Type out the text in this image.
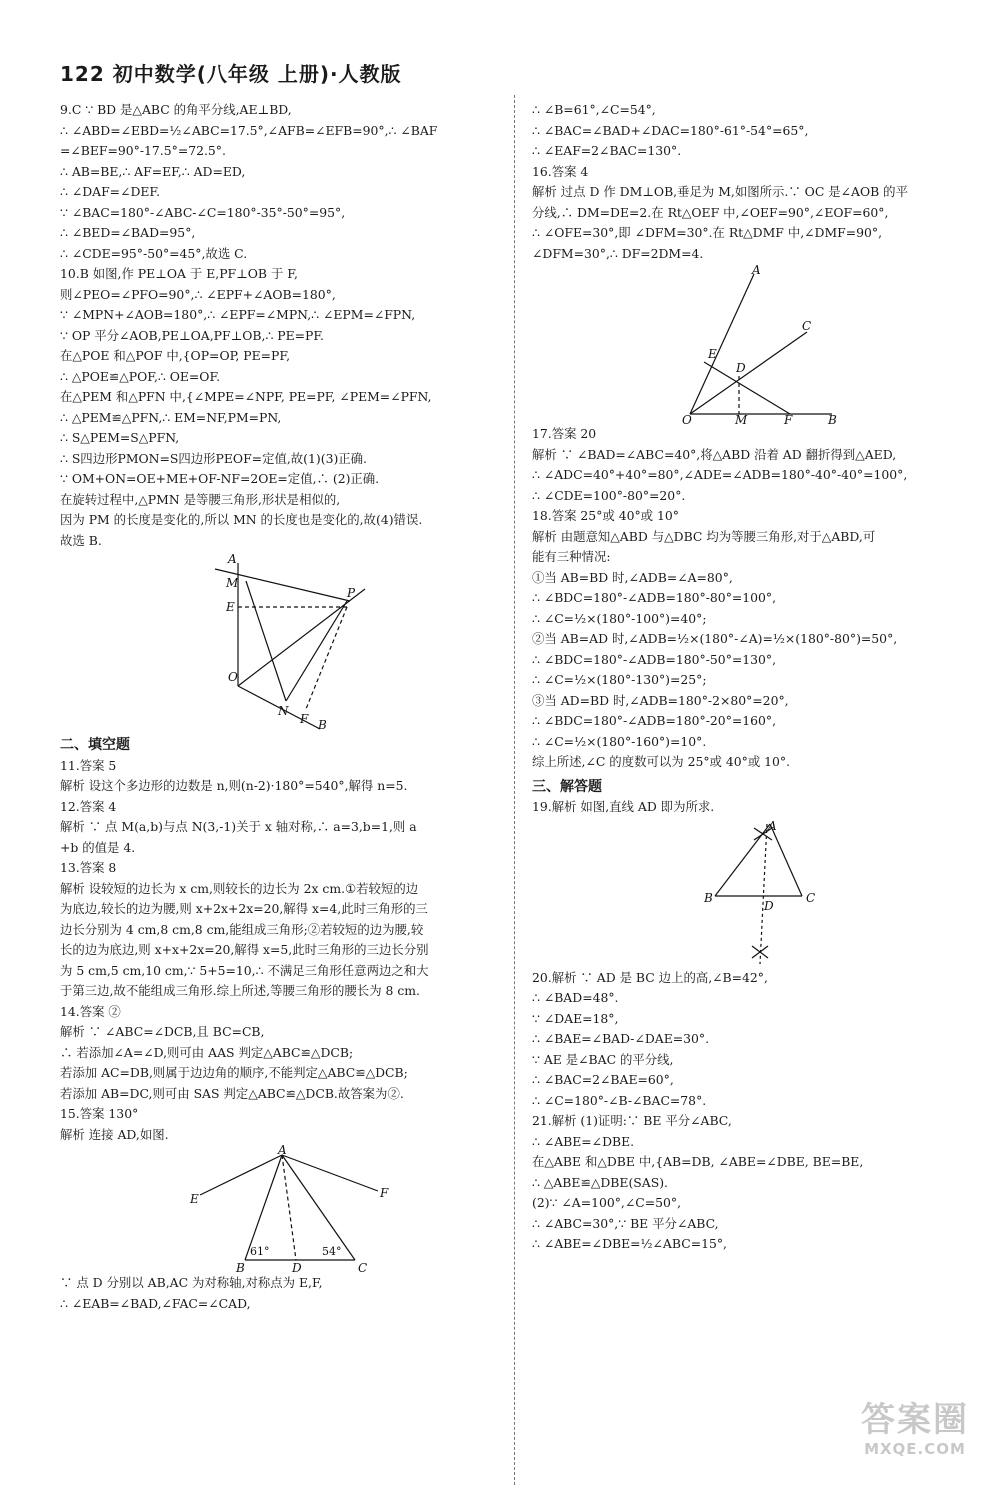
122 初中数学(八年级 上册)·人教版
9.C ∵ BD 是△ABC 的角平分线,AE⊥BD,
∴ ∠ABD=∠EBD=½∠ABC=17.5°,∠AFB=∠EFB=90°,∴ ∠BAF
=∠BEF=90°-17.5°=72.5°.
∴ AB=BE,∴ AF=EF,∴ AD=ED,
∴ ∠DAF=∠DEF.
∵ ∠BAC=180°-∠ABC-∠C=180°-35°-50°=95°,
∴ ∠BED=∠BAD=95°,
∴ ∠CDE=95°-50°=45°,故选 C.
10.B 如图,作 PE⊥OA 于 E,PF⊥OB 于 F,
则∠PEO=∠PFO=90°,∴ ∠EPF+∠AOB=180°,
∵ ∠MPN+∠AOB=180°,∴ ∠EPF=∠MPN,∴ ∠EPM=∠FPN,
∵ OP 平分∠AOB,PE⊥OA,PF⊥OB,∴ PE=PF.
在△POE 和△POF 中,{OP=OP, PE=PF,
∴ △POE≌△POF,∴ OE=OF.
在△PEM 和△PFN 中,{∠MPE=∠NPF, PE=PF, ∠PEM=∠PFN,
∴ △PEM≌△PFN,∴ EM=NF,PM=PN,
∴ S△PEM=S△PFN,
∴ S四边形PMON=S四边形PEOF=定值,故(1)(3)正确.
∵ OM+ON=OE+ME+OF-NF=2OE=定值,∴ (2)正确.
在旋转过程中,△PMN 是等腰三角形,形状是相似的,
因为 PM 的长度是变化的,所以 MN 的长度也是变化的,故(4)错误.
故选 B.
A
M
E
P
O
N
F B
二、填空题
11.答案 5
解析 设这个多边形的边数是 n,则(n-2)·180°=540°,解得 n=5.
12.答案 4
解析 ∵ 点 M(a,b)与点 N(3,-1)关于 x 轴对称,∴ a=3,b=1,则 a
+b 的值是 4.
13.答案 8
解析 设较短的边长为 x cm,则较长的边长为 2x cm.①若较短的边
为底边,较长的边为腰,则 x+2x+2x=20,解得 x=4,此时三角形的三
边长分别为 4 cm,8 cm,8 cm,能组成三角形;②若较短的边为腰,较
长的边为底边,则 x+x+2x=20,解得 x=5,此时三角形的三边长分别
为 5 cm,5 cm,10 cm,∵ 5+5=10,∴ 不满足三角形任意两边之和大
于第三边,故不能组成三角形.综上所述,等腰三角形的腰长为 8 cm.
14.答案 ②
解析 ∵ ∠ABC=∠DCB,且 BC=CB,
∴ 若添加∠A=∠D,则可由 AAS 判定△ABC≌△DCB;
若添加 AC=DB,则属于边边角的顺序,不能判定△ABC≌△DCB;
若添加 AB=DC,则可由 SAS 判定△ABC≌△DCB.故答案为②.
15.答案 130°
解析 连接 AD,如图.
A
E	F
B	D	C
61°	54°
∵ 点 D 分别以 AB,AC 为对称轴,对称点为 E,F,
∴ ∠EAB=∠BAD,∠FAC=∠CAD,
∴ ∠B=61°,∠C=54°,
∴ ∠BAC=∠BAD+∠DAC=180°-61°-54°=65°,
∴ ∠EAF=2∠BAC=130°.
16.答案 4
解析 过点 D 作 DM⊥OB,垂足为 M,如图所示.∵ OC 是∠AOB 的平
分线,∴ DM=DE=2.在 Rt△OEF 中,∠OEF=90°,∠EOF=60°,
∴ ∠OFE=30°,即 ∠DFM=30°.在 Rt△DMF 中,∠DMF=90°,
∠DFM=30°,∴ DF=2DM=4.
A
C
E
D
O	M	F	B
17.答案 20
解析 ∵ ∠BAD=∠ABC=40°,将△ABD 沿着 AD 翻折得到△AED,
∴ ∠ADC=40°+40°=80°,∠ADE=∠ADB=180°-40°-40°=100°,
∴ ∠CDE=100°-80°=20°.
18.答案 25°或 40°或 10°
解析 由题意知△ABD 与△DBC 均为等腰三角形,对于△ABD,可
能有三种情况:
①当 AB=BD 时,∠ADB=∠A=80°,
∴ ∠BDC=180°-∠ADB=180°-80°=100°,
∴ ∠C=½×(180°-100°)=40°;
②当 AB=AD 时,∠ADB=½×(180°-∠A)=½×(180°-80°)=50°,
∴ ∠BDC=180°-∠ADB=180°-50°=130°,
∴ ∠C=½×(180°-130°)=25°;
③当 AD=BD 时,∠ADB=180°-2×80°=20°,
∴ ∠BDC=180°-∠ADB=180°-20°=160°,
∴ ∠C=½×(180°-160°)=10°.
综上所述,∠C 的度数可以为 25°或 40°或 10°.
三、解答题
19.解析 如图,直线 AD 即为所求.
A
B
D
C
20.解析 ∵ AD 是 BC 边上的高,∠B=42°,
∴ ∠BAD=48°.
∵ ∠DAE=18°,
∴ ∠BAE=∠BAD-∠DAE=30°.
∵ AE 是∠BAC 的平分线,
∴ ∠BAC=2∠BAE=60°,
∴ ∠C=180°-∠B-∠BAC=78°.
21.解析 (1)证明:∵ BE 平分∠ABC,
∴ ∠ABE=∠DBE.
在△ABE 和△DBE 中,{AB=DB, ∠ABE=∠DBE, BE=BE,
∴ △ABE≌△DBE(SAS).
(2)∵ ∠A=100°,∠C=50°,
∴ ∠ABC=30°,∵ BE 平分∠ABC,
∴ ∠ABE=∠DBE=½∠ABC=15°,
答案圈
MXQE.COM
